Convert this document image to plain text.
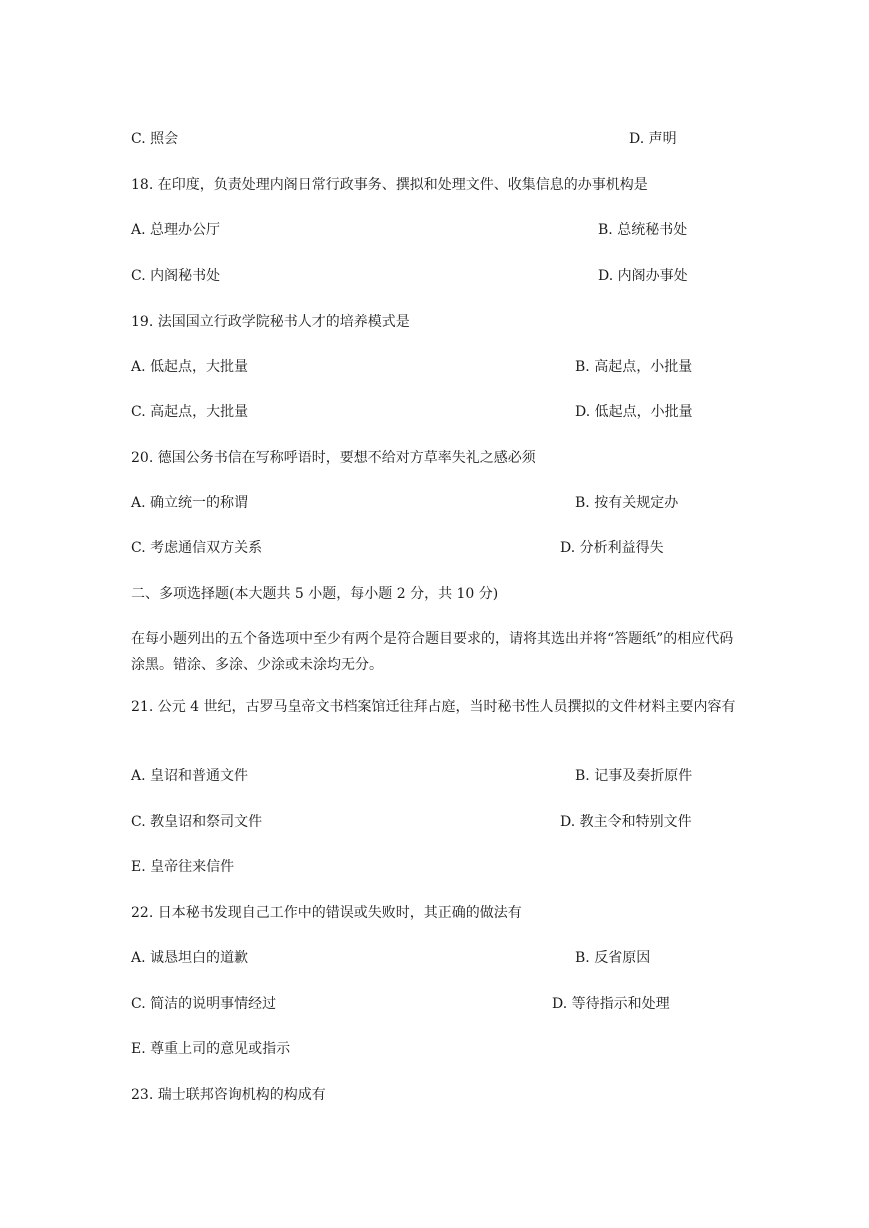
C. 照会	D. 声明
18. 在印度，负责处理内阁日常行政事务、撰拟和处理文件、收集信息的办事机构是
A. 总理办公厅	B. 总统秘书处
C. 内阁秘书处	D. 内阁办事处
19. 法国国立行政学院秘书人才的培养模式是
A. 低起点，大批量	B. 高起点，小批量
C. 高起点，大批量	D. 低起点，小批量
20. 德国公务书信在写称呼语时，要想不给对方草率失礼之感必须
A. 确立统一的称谓	B. 按有关规定办
C. 考虑通信双方关系	D. 分析利益得失
二、多项选择题(本大题共 5 小题，每小题 2 分，共 10 分)
在每小题列出的五个备选项中至少有两个是符合题目要求的，请将其选出并将“答题纸”的相应代码涂黑。错涂、多涂、少涂或未涂均无分。
21. 公元 4 世纪，古罗马皇帝文书档案馆迁往拜占庭，当时秘书性人员撰拟的文件材料主要内容有
A. 皇诏和普通文件	B. 记事及奏折原件
C. 教皇诏和祭司文件	D. 教主令和特别文件
E. 皇帝往来信件
22. 日本秘书发现自己工作中的错误或失败时，其正确的做法有
A. 诚恳坦白的道歉	B. 反省原因
C. 简洁的说明事情经过	D. 等待指示和处理
E. 尊重上司的意见或指示
23. 瑞士联邦咨询机构的构成有
